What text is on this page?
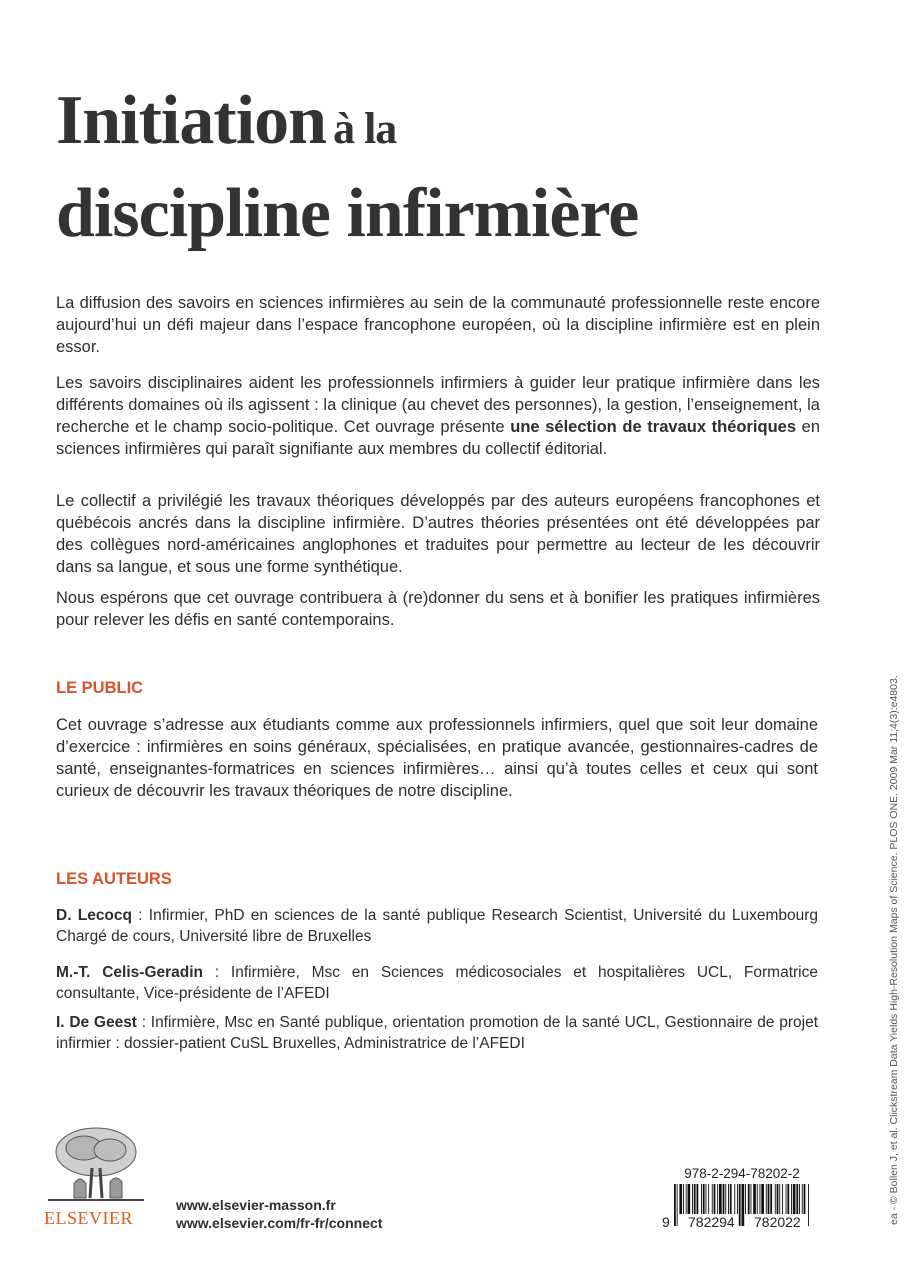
Initiation à la
discipline infirmière

La diffusion des savoirs en sciences infirmières au sein de la communauté professionnelle reste encore aujourd’hui un défi majeur dans l’espace francophone européen, où la discipline infirmière est en plein essor.

Les savoirs disciplinaires aident les professionnels infirmiers à guider leur pratique infirmière dans les différents domaines où ils agissent : la clinique (au chevet des personnes), la gestion, l’enseignement, la recherche et le champ socio-politique. Cet ouvrage présente une sélection de travaux théoriques en sciences infirmières qui paraît signifiante aux membres du collectif éditorial.

Le collectif a privilégié les travaux théoriques développés par des auteurs européens francophones et québécois ancrés dans la discipline infirmière. D’autres théories présentées ont été développées par des collègues nord-américaines anglophones et traduites pour permettre au lecteur de les découvrir dans sa langue, et sous une forme synthétique.

Nous espérons que cet ouvrage contribuera à (re)donner du sens et à bonifier les pratiques infirmières pour relever les défis en santé contemporains.

LE PUBLIC

Cet ouvrage s’adresse aux étudiants comme aux professionnels infirmiers, quel que soit leur domaine d’exercice : infirmières en soins généraux, spécialisées, en pratique avancée, gestionnaires-cadres de santé, enseignantes-formatrices en sciences infirmières… ainsi qu’à toutes celles et ceux qui sont curieux de découvrir les travaux théoriques de notre discipline.

LES AUTEURS

D. Lecocq : Infirmier, PhD en sciences de la santé publique Research Scientist, Université du Luxembourg Chargé de cours, Université libre de Bruxelles

M.-T. Celis-Geradin : Infirmière, Msc en Sciences médicosociales et hospitalières UCL, Formatrice consultante, Vice-présidente de l’AFEDI

I. De Geest : Infirmière, Msc en Santé publique, orientation promotion de la santé UCL, Gestionnaire de projet infirmier : dossier-patient CuSL Bruxelles, Administratrice de l’AFEDI

ELSEVIER
www.elsevier-masson.fr
www.elsevier.com/fr-fr/connect
978-2-294-78202-2
9 782294 782022	ea - © Bollen J, et al. Clickstream Data Yields High-Resolution Maps of Science. PLOS ONE. 2009 Mar 11;4(3):e4803.
